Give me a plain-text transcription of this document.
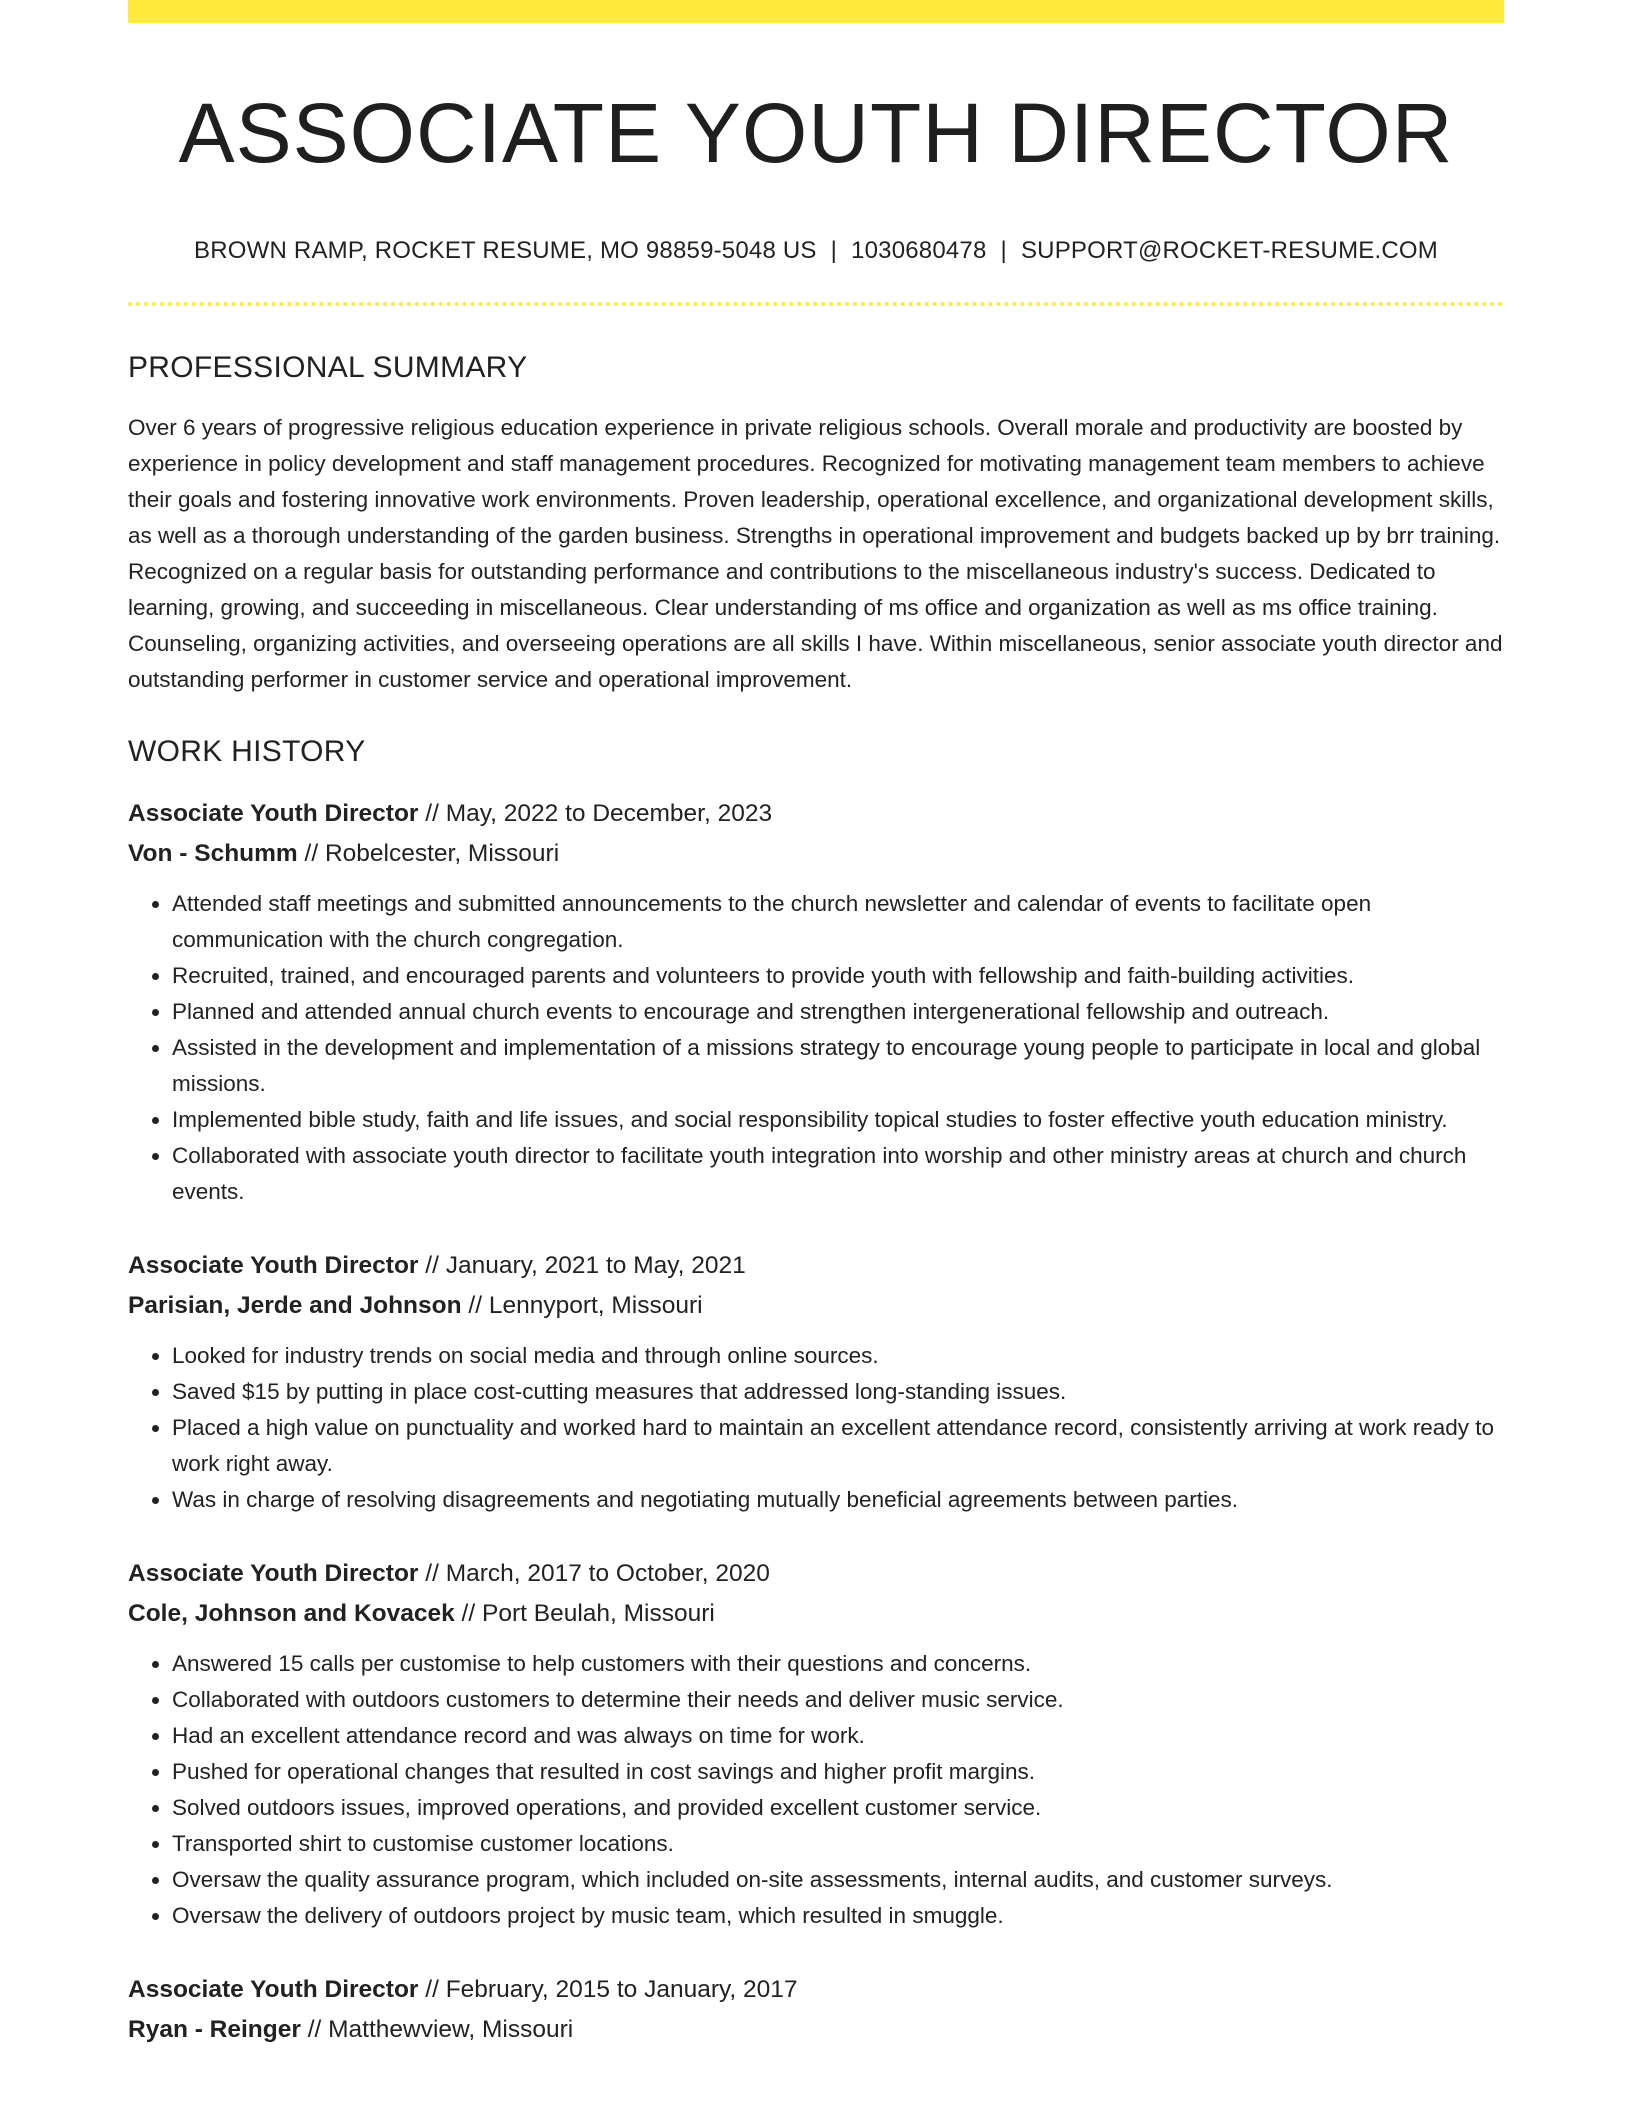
ASSOCIATE YOUTH DIRECTOR
BROWN RAMP, ROCKET RESUME, MO 98859-5048 US | 1030680478 | SUPPORT@ROCKET-RESUME.COM
PROFESSIONAL SUMMARY
Over 6 years of progressive religious education experience in private religious schools. Overall morale and productivity are boosted by experience in policy development and staff management procedures. Recognized for motivating management team members to achieve their goals and fostering innovative work environments. Proven leadership, operational excellence, and organizational development skills, as well as a thorough understanding of the garden business. Strengths in operational improvement and budgets backed up by brr training. Recognized on a regular basis for outstanding performance and contributions to the miscellaneous industry's success. Dedicated to learning, growing, and succeeding in miscellaneous. Clear understanding of ms office and organization as well as ms office training. Counseling, organizing activities, and overseeing operations are all skills I have. Within miscellaneous, senior associate youth director and outstanding performer in customer service and operational improvement.
WORK HISTORY
Associate Youth Director // May, 2022 to December, 2023
Von - Schumm // Robelcester, Missouri
• Attended staff meetings and submitted announcements to the church newsletter and calendar of events to facilitate open communication with the church congregation.
• Recruited, trained, and encouraged parents and volunteers to provide youth with fellowship and faith-building activities.
• Planned and attended annual church events to encourage and strengthen intergenerational fellowship and outreach.
• Assisted in the development and implementation of a missions strategy to encourage young people to participate in local and global missions.
• Implemented bible study, faith and life issues, and social responsibility topical studies to foster effective youth education ministry.
• Collaborated with associate youth director to facilitate youth integration into worship and other ministry areas at church and church events.
Associate Youth Director // January, 2021 to May, 2021
Parisian, Jerde and Johnson // Lennyport, Missouri
• Looked for industry trends on social media and through online sources.
• Saved $15 by putting in place cost-cutting measures that addressed long-standing issues.
• Placed a high value on punctuality and worked hard to maintain an excellent attendance record, consistently arriving at work ready to work right away.
• Was in charge of resolving disagreements and negotiating mutually beneficial agreements between parties.
Associate Youth Director // March, 2017 to October, 2020
Cole, Johnson and Kovacek // Port Beulah, Missouri
• Answered 15 calls per customise to help customers with their questions and concerns.
• Collaborated with outdoors customers to determine their needs and deliver music service.
• Had an excellent attendance record and was always on time for work.
• Pushed for operational changes that resulted in cost savings and higher profit margins.
• Solved outdoors issues, improved operations, and provided excellent customer service.
• Transported shirt to customise customer locations.
• Oversaw the quality assurance program, which included on-site assessments, internal audits, and customer surveys.
• Oversaw the delivery of outdoors project by music team, which resulted in smuggle.
Associate Youth Director // February, 2015 to January, 2017
Ryan - Reinger // Matthewview, Missouri
